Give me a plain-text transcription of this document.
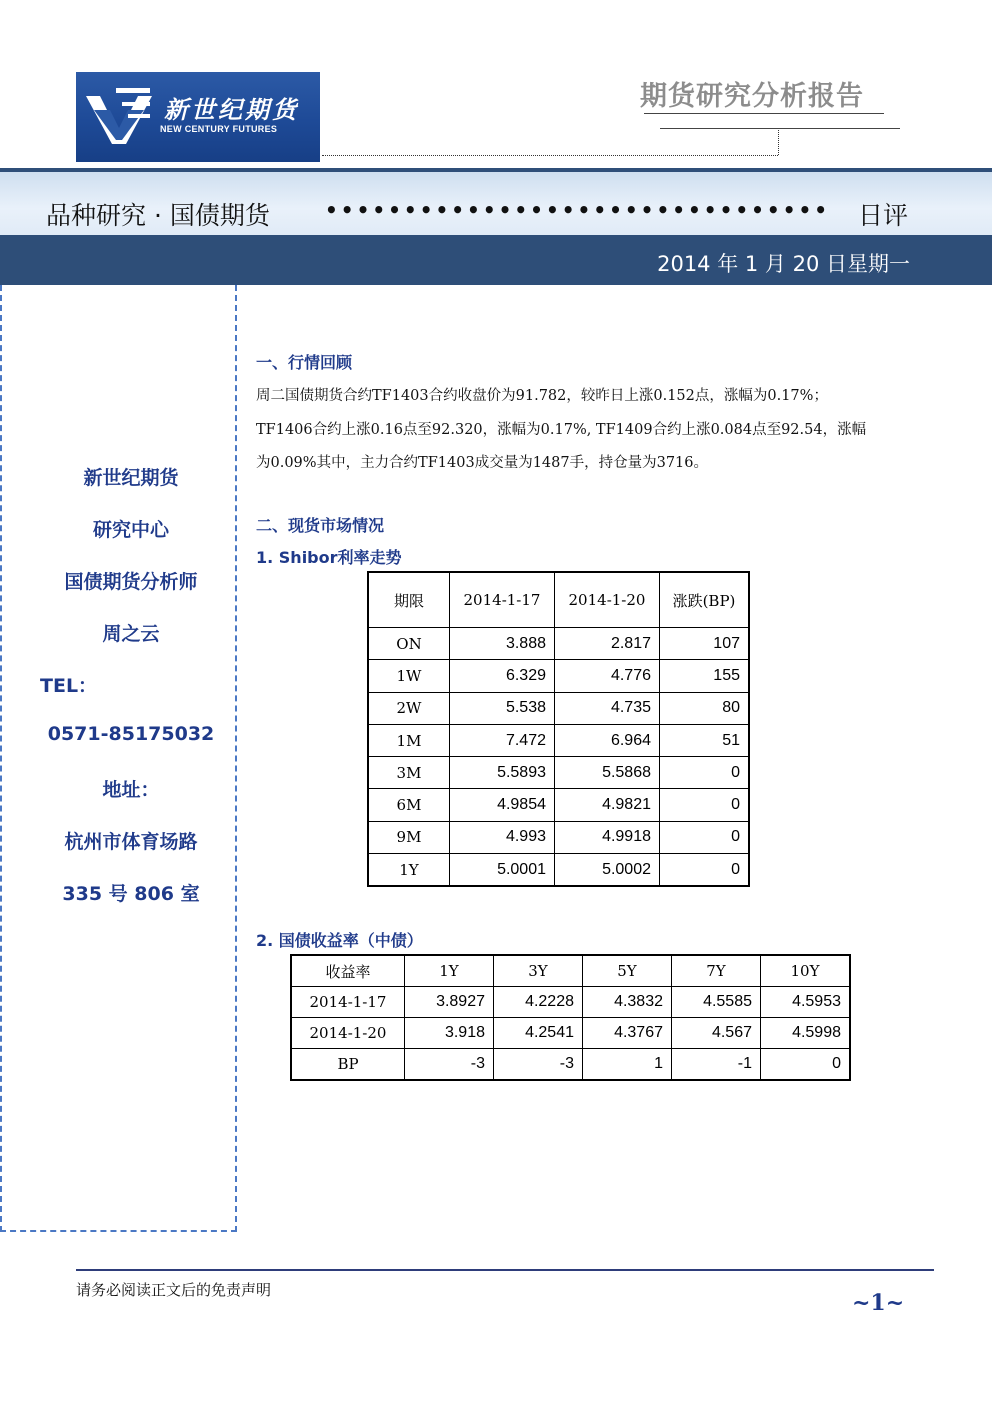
新世纪期货
NEW CENTURY FUTURES
期货研究分析报告
品种研究 · 国债期货	•••••••••••••••••••••••••••••••• 日评
2014 年 1 月 20 日星期一
新世纪期货
研究中心
国债期货分析师
周之云
TEL：
0571-85175032
地址：
杭州市体育场路
335 号 806 室
一、行情回顾
周二国债期货合约TF1403合约收盘价为91.782，较昨日上涨0.152点，涨幅为0.17%；
TF1406合约上涨0.16点至92.320，涨幅为0.17%, TF1409合约上涨0.084点至92.54，涨幅
为0.09%其中，主力合约TF1403成交量为1487手，持仓量为3716。
二、现货市场情况
1. Shibor利率走势
期限	2014-1-17	2014-1-20	涨跌(BP)
ON	3.888	2.817	107
1W	6.329	4.776	155
2W	5.538	4.735	80
1M	7.472	6.964	51
3M	5.5893	5.5868	0
6M	4.9854	4.9821	0
9M	4.993	4.9918	0
1Y	5.0001	5.0002	0
2. 国债收益率（中债）
收益率	1Y	3Y	5Y	7Y	10Y
2014-1-17	3.8927	4.2228	4.3832	4.5585	4.5953
2014-1-20	3.918	4.2541	4.3767	4.567	4.5998
BP	-3	-3	1	-1	0
请务必阅读正文后的免责声明	~1~
